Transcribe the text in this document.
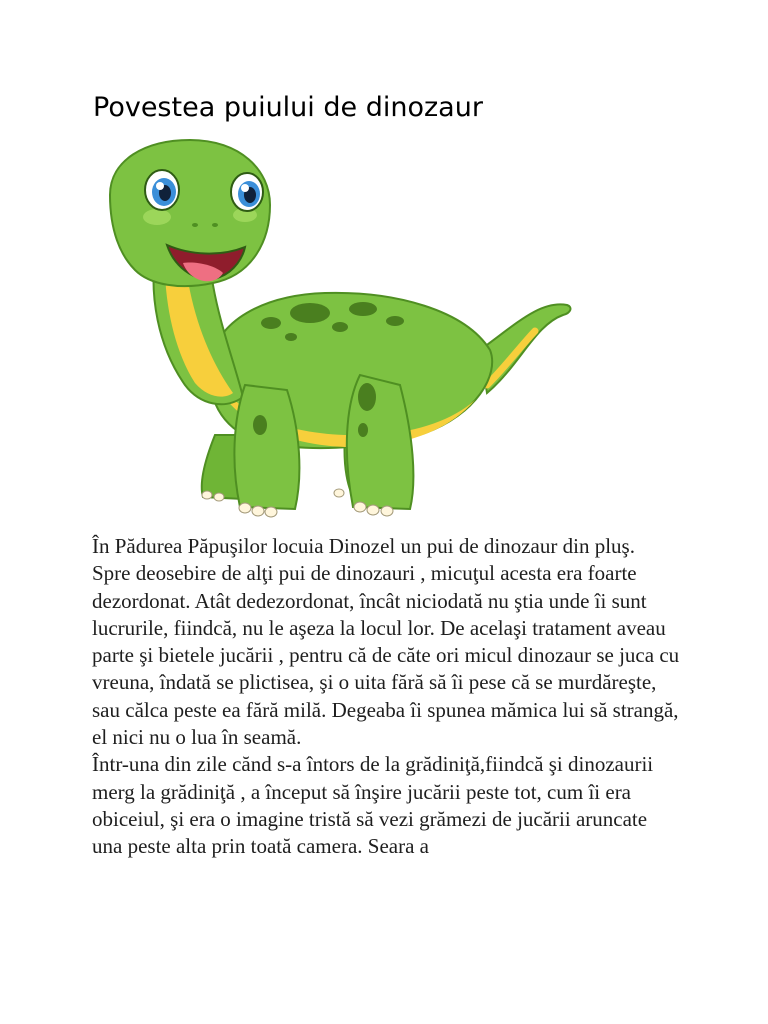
Povestea puiului de dinozaur

În Pădurea Păpuşilor locuia Dinozel un pui de dinozaur din pluş.

Spre deosebire de alţi pui de dinozauri , micuţul acesta era foarte dezordonat. Atât dedezordonat, încât niciodată nu ştia unde îi sunt lucrurile, fiindcă, nu le aşeza la locul lor. De acelaşi tratament aveau parte şi bietele jucării , pentru că de căte ori micul dinozaur se juca cu vreuna, îndată se plictisea, şi o uita fără să îi pese că se murdăreşte, sau călca peste ea fără milă. Degeaba îi spunea mămica lui să strangă, el nici nu o lua în seamă.

Într-una din zile cănd s-a întors de la grădiniţă,fiindcă şi dinozaurii merg la grădiniţă , a început să înşire jucării peste tot, cum îi era obiceiul, şi era o imagine tristă să vezi grămezi de jucării aruncate una peste alta prin toată camera. Seara a
